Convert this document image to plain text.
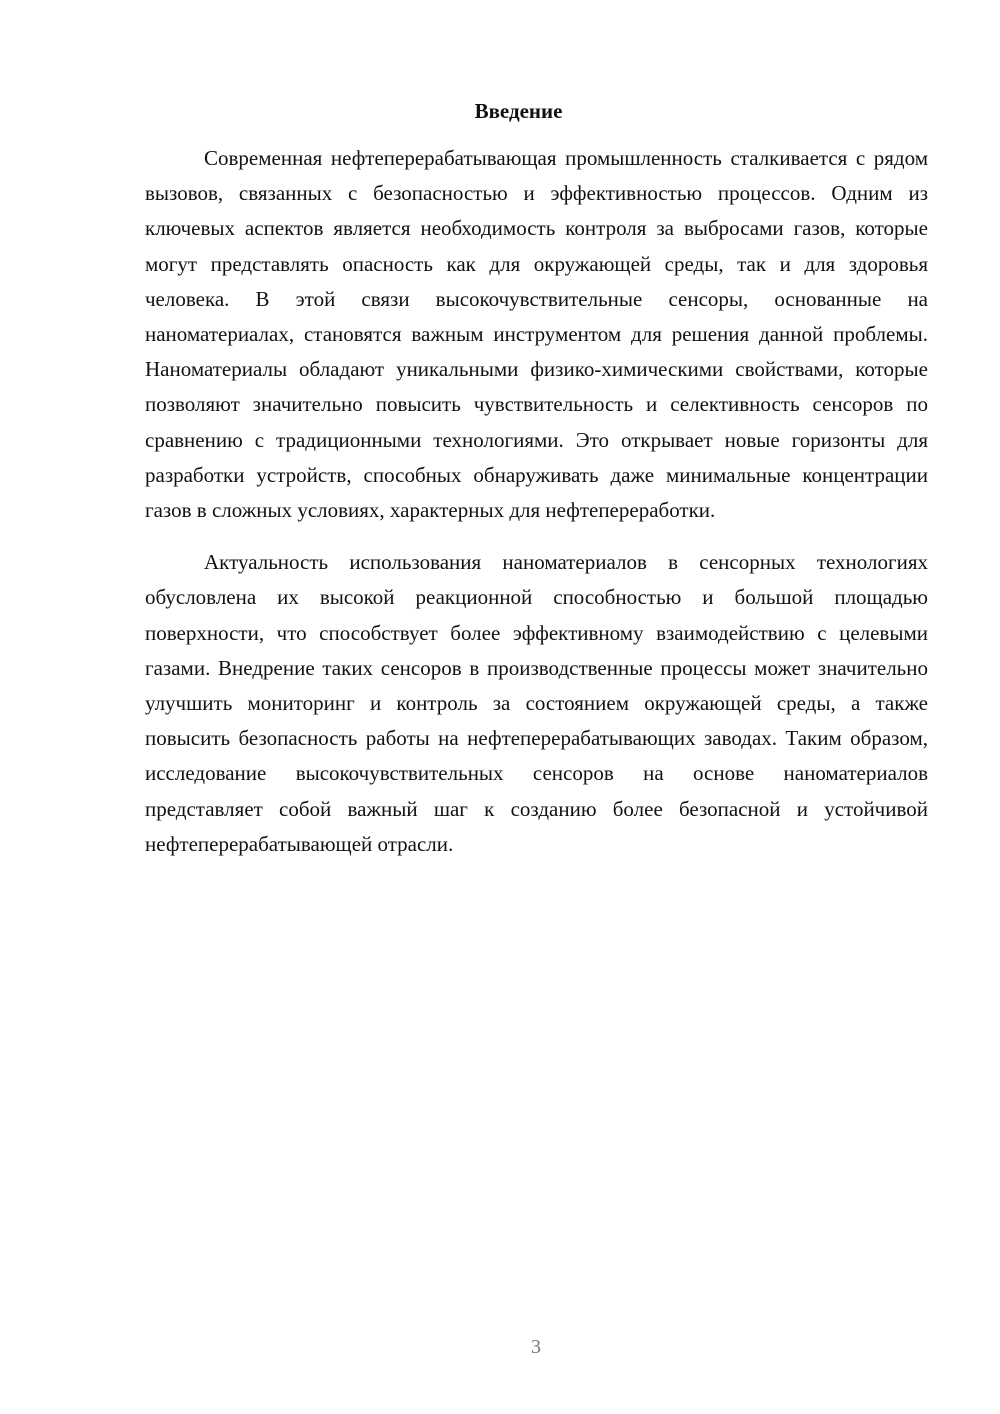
Введение

Современная нефтеперерабатывающая промышленность сталкивается с рядом вызовов, связанных с безопасностью и эффективностью процессов. Одним из ключевых аспектов является необходимость контроля за выбросами газов, которые могут представлять опасность как для окружающей среды, так и для здоровья человека. В этой связи высокочувствительные сенсоры, основанные на наноматериалах, становятся важным инструментом для решения данной проблемы. Наноматериалы обладают уникальными физико-химическими свойствами, которые позволяют значительно повысить чувствительность и селективность сенсоров по сравнению с традиционными технологиями. Это открывает новые горизонты для разработки устройств, способных обнаруживать даже минимальные концентрации газов в сложных условиях, характерных для нефтепереработки.

Актуальность использования наноматериалов в сенсорных технологиях обусловлена их высокой реакционной способностью и большой площадью поверхности, что способствует более эффективному взаимодействию с целевыми газами. Внедрение таких сенсоров в производственные процессы может значительно улучшить мониторинг и контроль за состоянием окружающей среды, а также повысить безопасность работы на нефтеперерабатывающих заводах. Таким образом, исследование высокочувствительных сенсоров на основе наноматериалов представляет собой важный шаг к созданию более безопасной и устойчивой нефтеперерабатывающей отрасли.

3
